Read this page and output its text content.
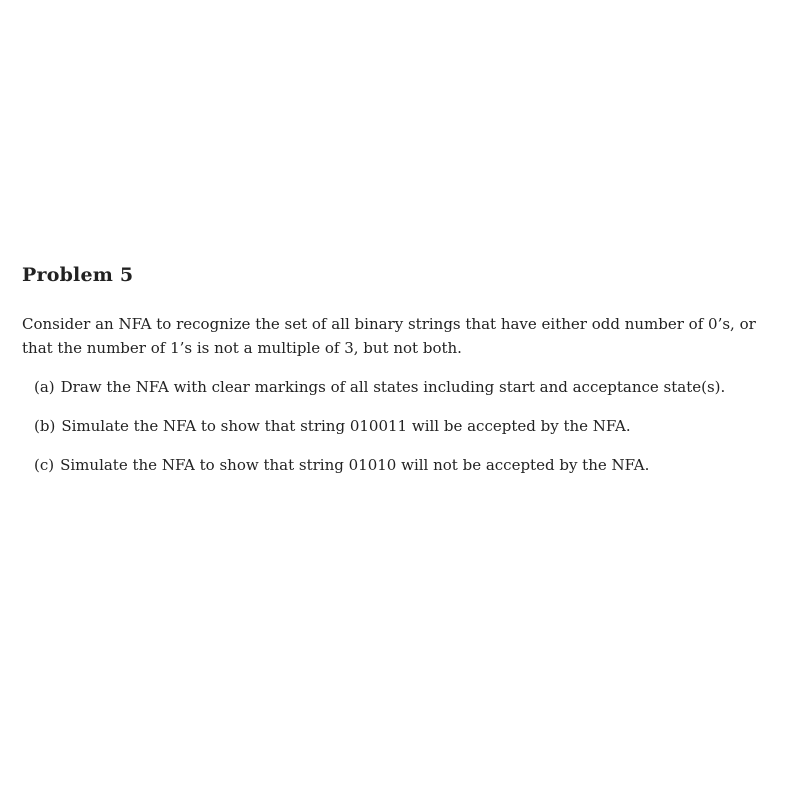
Problem 5
Consider an NFA to recognize the set of all binary strings that have either odd number of 0’s, or
that the number of 1’s is not a multiple of 3, but not both.
(a) Draw the NFA with clear markings of all states including start and acceptance state(s).
(b) Simulate the NFA to show that string 010011 will be accepted by the NFA.
(c) Simulate the NFA to show that string 01010 will not be accepted by the NFA.
